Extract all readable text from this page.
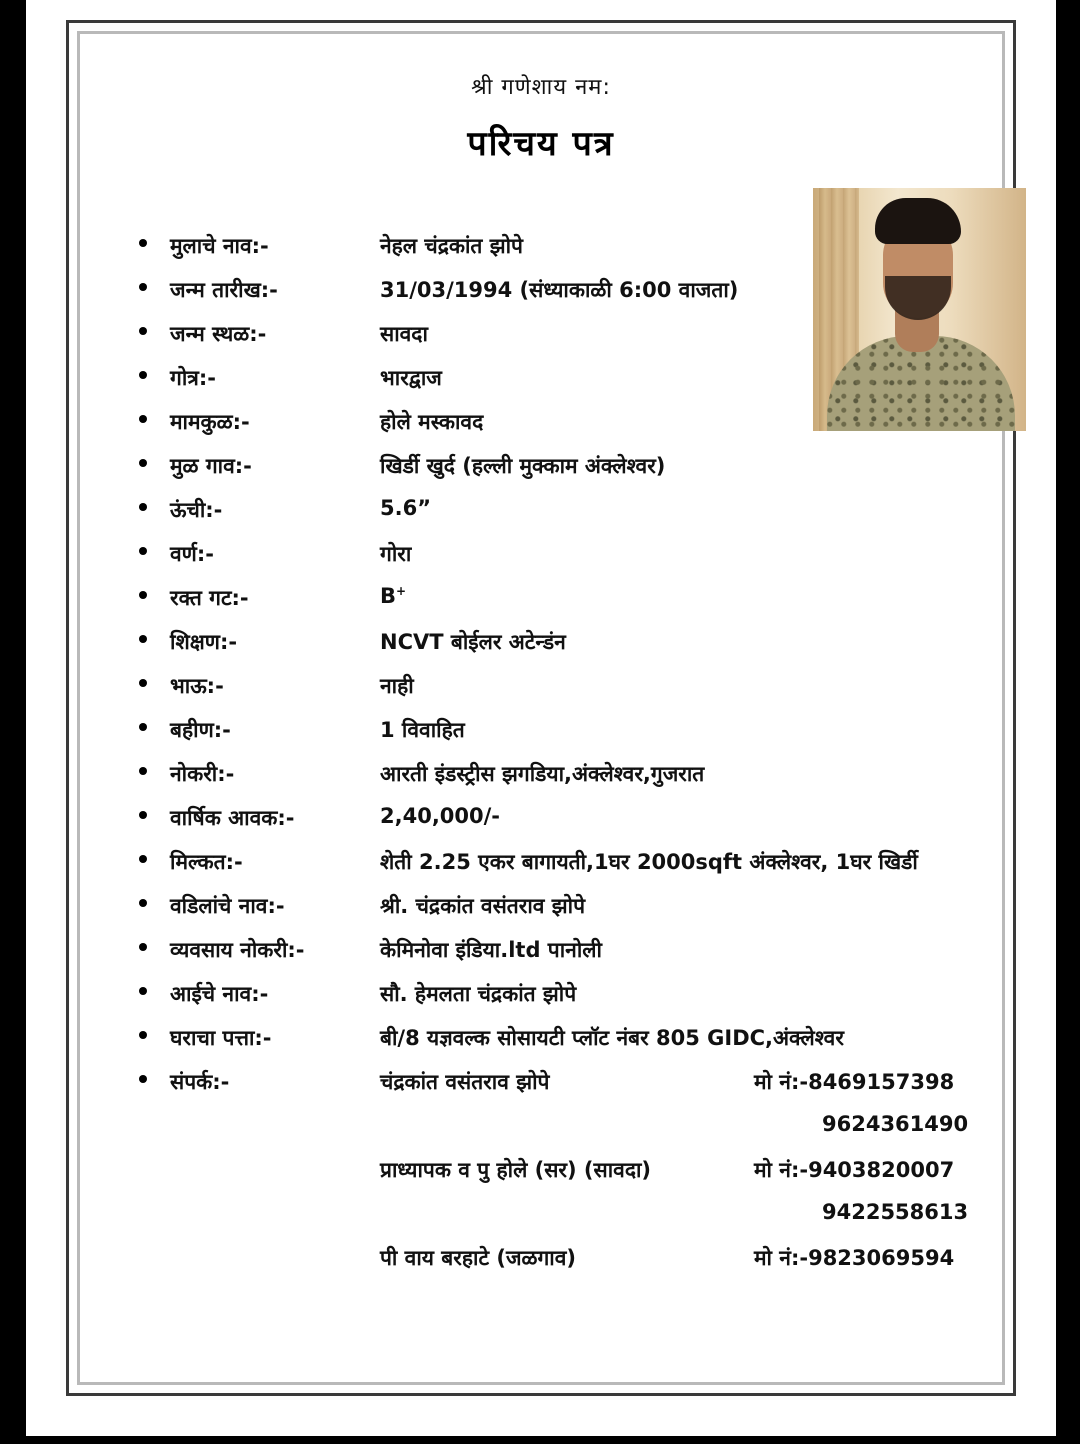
श्री गणेशाय नम:
परिचय पत्र
मुलाचे नाव:-	नेहल चंद्रकांत झोपे
जन्म तारीख:-	31/03/1994 (संध्याकाळी 6:00 वाजता)
जन्म स्थळ:-	सावदा
गोत्र:-	भारद्वाज
मामकुळ:-	होले मस्कावद
मुळ गाव:-	खिर्डी खुर्द (हल्ली मुक्काम अंक्लेश्वर)
ऊंची:-	5.6”
वर्ण:-	गोरा
रक्त गट:-	B+
शिक्षण:-	NCVT बोईलर अटेन्डंन
भाऊ:-	नाही
बहीण:-	1 विवाहित
नोकरी:-	आरती इंडस्ट्रीस झगडिया,अंक्लेश्वर,गुजरात
वार्षिक आवक:-	2,40,000/-
मिल्कत:-	शेती 2.25 एकर बागायती,1घर 2000sqft अंक्लेश्वर, 1घर खिर्डी
वडिलांचे नाव:-	श्री. चंद्रकांत वसंतराव झोपे
व्यवसाय नोकरी:-	केमिनोवा इंडिया.ltd पानोली
आईचे नाव:-	सौ. हेमलता चंद्रकांत झोपे
घराचा पत्ता:-	बी/8 यज्ञवल्क सोसायटी प्लॉट नंबर 805 GIDC,अंक्लेश्वर
संपर्क:-	चंद्रकांत वसंतराव झोपे	मो नं:-8469157398
9624361490
प्राध्यापक व पु होले (सर) (सावदा)	मो नं:-9403820007
9422558613
पी वाय बरहाटे (जळगाव)	मो नं:-9823069594
